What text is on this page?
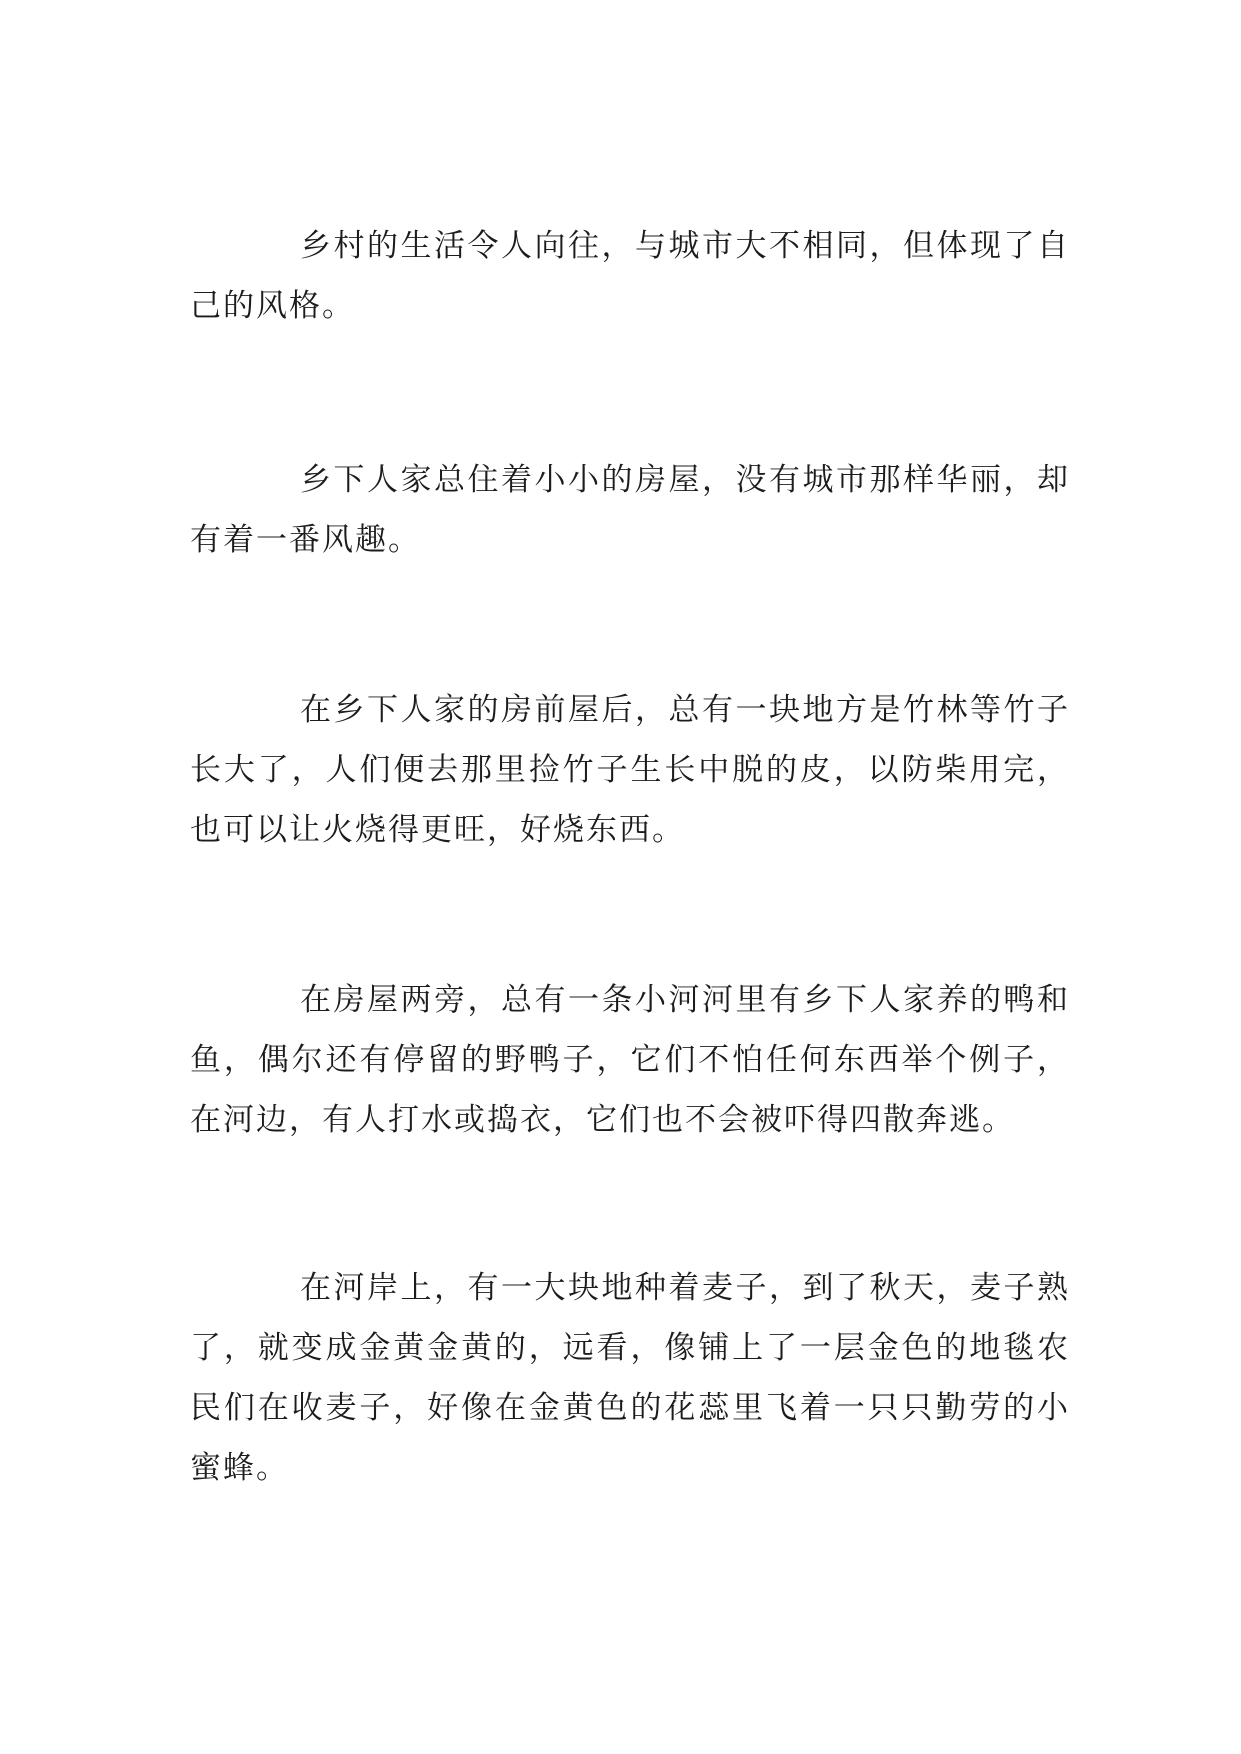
乡村的生活令人向往，与城市大不相同，但体现了自己的风格。

乡下人家总住着小小的房屋，没有城市那样华丽，却有着一番风趣。

在乡下人家的房前屋后，总有一块地方是竹林等竹子长大了，人们便去那里捡竹子生长中脱的皮，以防柴用完，也可以让火烧得更旺，好烧东西。

在房屋两旁，总有一条小河河里有乡下人家养的鸭和鱼，偶尔还有停留的野鸭子，它们不怕任何东西举个例子，在河边，有人打水或捣衣，它们也不会被吓得四散奔逃。

在河岸上，有一大块地种着麦子，到了秋天，麦子熟了，就变成金黄金黄的，远看，像铺上了一层金色的地毯农民们在收麦子，好像在金黄色的花蕊里飞着一只只勤劳的小蜜蜂。
